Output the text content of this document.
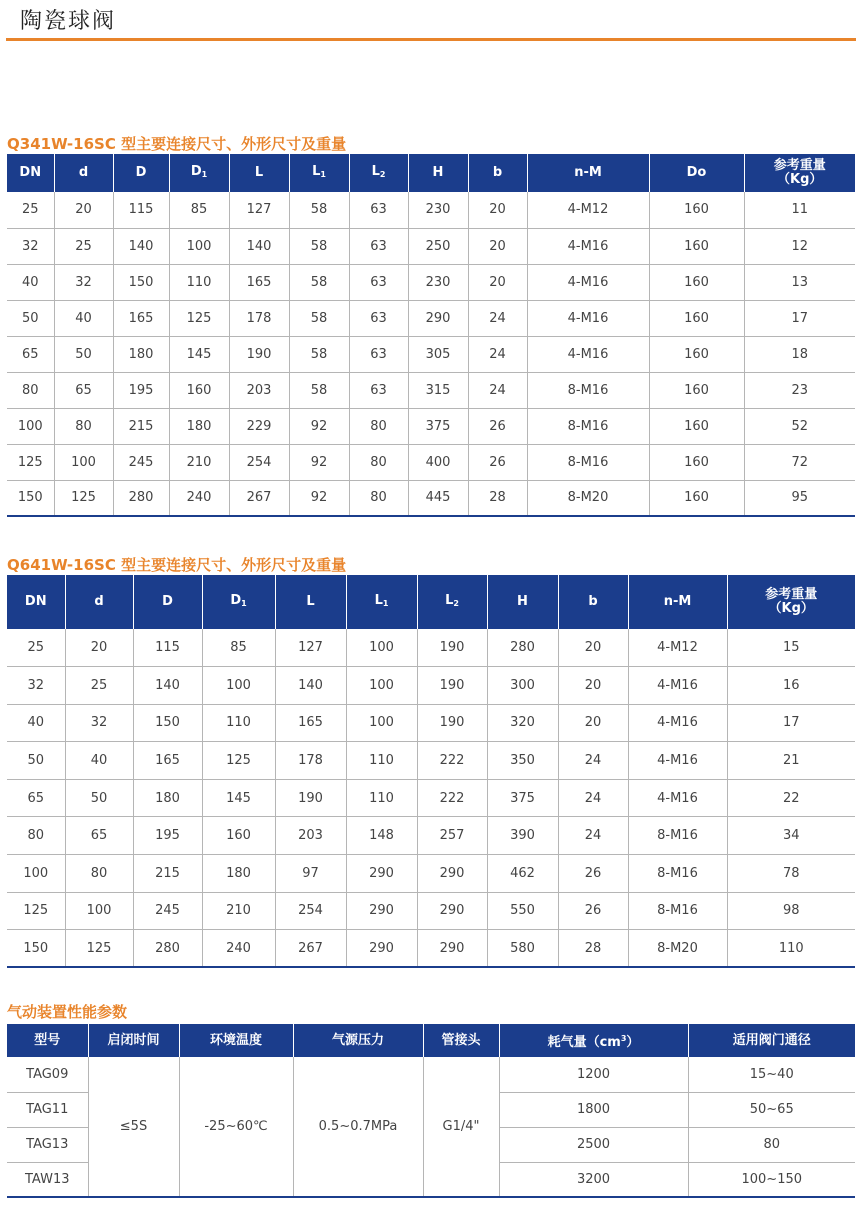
陶瓷球阀
Q341W-16SC 型主要连接尺寸、外形尺寸及重量
DN	d	D	$D_1$	L	$L_1$	$L_2$	H	b	n-M	Do	参考重量
（Kg）
25	20	115	85	127	58	63	230	20	4-M12	160	11
32	25	140	100	140	58	63	250	20	4-M16	160	12
40	32	150	110	165	58	63	230	20	4-M16	160	13
50	40	165	125	178	58	63	290	24	4-M16	160	17
65	50	180	145	190	58	63	305	24	4-M16	160	18
80	65	195	160	203	58	63	315	24	8-M16	160	23
100	80	215	180	229	92	80	375	26	8-M16	160	52
125	100	245	210	254	92	80	400	26	8-M16	160	72
150	125	280	240	267	92	80	445	28	8-M20	160	95
Q641W-16SC 型主要连接尺寸、外形尺寸及重量
DN	d	D	$D_1$	L	$L_1$	$L_2$	H	b	n-M	参考重量
（Kg）
25	20	115	85	127	100	190	280	20	4-M12	15
32	25	140	100	140	100	190	300	20	4-M16	16
40	32	150	110	165	100	190	320	20	4-M16	17
50	40	165	125	178	110	222	350	24	4-M16	21
65	50	180	145	190	110	222	375	24	4-M16	22
80	65	195	160	203	148	257	390	24	8-M16	34
100	80	215	180	97	290	290	462	26	8-M16	78
125	100	245	210	254	290	290	550	26	8-M16	98
150	125	280	240	267	290	290	580	28	8-M20	110
气动装置性能参数
型号	启闭时间	环境温度	气源压力	管接头	耗气量$(cm^3)$	适用阀门通径
TAG09	≤5S	-25~60℃	0.5~0.7MPa	G1/4"	1200	15~40
TAG11					1800	50~65
TAG13					2500	80
TAW13					3200	100~150
